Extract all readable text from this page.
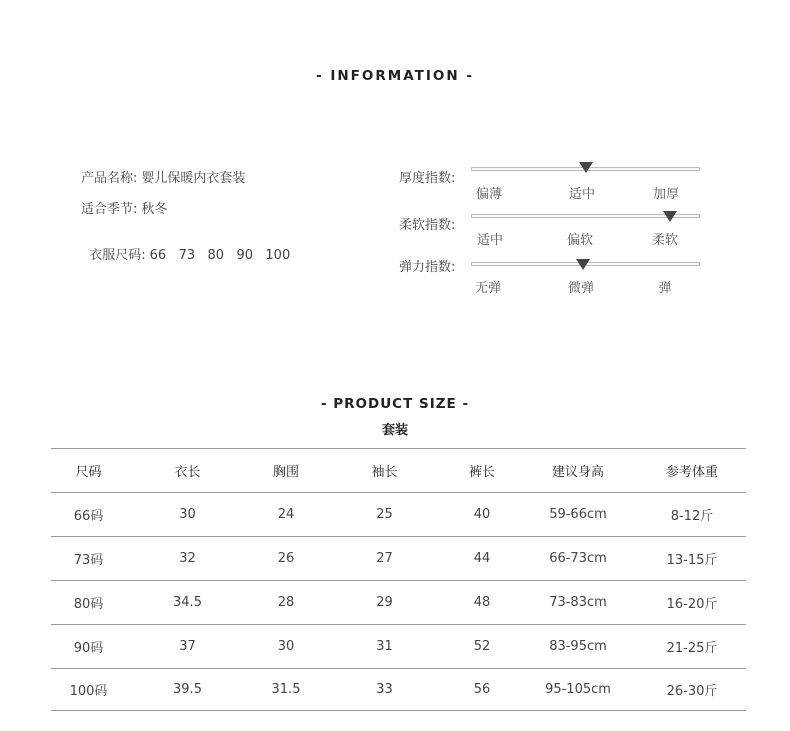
- INFORMATION -
产品名称: 婴儿保暖内衣套装
适合季节: 秋冬

衣服尺码: 66   73   80   90   100

厚度指数:
偏薄	适中	加厚
柔软指数:
适中	偏软	柔软
弹力指数:
无弹	微弹	弹
- PRODUCT SIZE -
套装
尺码	衣长	胸围	袖长	裤长	建议身高	参考体重
66码	30	24	25	40	59-66cm	8-12斤
73码	32	26	27	44	66-73cm	13-15斤
80码	34.5	28	29	48	73-83cm	16-20斤
90码	37	30	31	52	83-95cm	21-25斤
100码	39.5	31.5	33	56	95-105cm	26-30斤
